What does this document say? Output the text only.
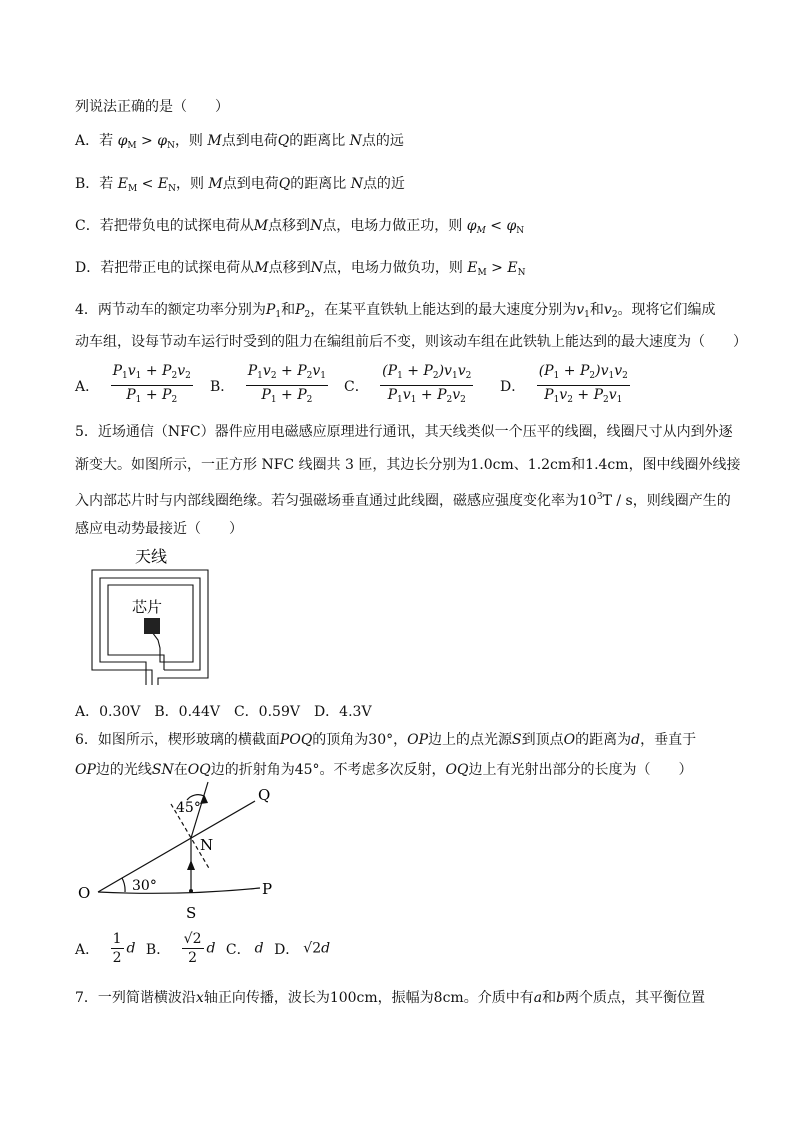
列说法正确的是（　　）
A．若 $\varphi_M > \varphi_N$，则 M点到电荷Q的距离比 N点的远
B．若 $E_M < E_N$，则 M点到电荷Q的距离比 N点的近
C．若把带负电的试探电荷从M点移到N点，电场力做正功，则 $\varphi_M < \varphi_N$
D．若把带正电的试探电荷从M点移到N点，电场力做负功，则 $E_M > E_N$
4．两节动车的额定功率分别为$P_1$和$P_2$，在某平直铁轨上能达到的最大速度分别为$v_1$和$v_2$。现将它们编成
动车组，设每节动车运行时受到的阻力在编组前后不变，则该动车组在此铁轨上能达到的最大速度为（　　）
A． $\frac{P_1v_1 + P_2v_2}{P_1 + P_2}$ B． $\frac{P_1v_2 + P_2v_1}{P_1 + P_2}$ C． $\frac{(P_1 + P_2)v_1v_2}{P_1v_1 + P_2v_2}$ D． $\frac{(P_1 + P_2)v_1v_2}{P_1v_2 + P_2v_1}$
5．近场通信（NFC）器件应用电磁感应原理进行通讯，其天线类似一个压平的线圈，线圈尺寸从内到外逐
渐变大。如图所示，一正方形 NFC 线圈共 3 匝，其边长分别为1.0cm、1.2cm和1.4cm，图中线圈外线接
入内部芯片时与内部线圈绝缘。若匀强磁场垂直通过此线圈，磁感应强度变化率为$10^3T$ / s，则线圈产生的
感应电动势最接近（　　）
天线
芯片
A．0.30V　B．0.44V　C．0.59V　D．4.3V
6．如图所示，楔形玻璃的横截面POQ的顶角为30°，OP边上的点光源S到顶点O的距离为d，垂直于
OP边的光线SN在OQ边的折射角为45°。不考虑多次反射，OQ边上有光射出部分的长度为（　　）
Q
N
O	P
S
45°
30°
A． $\frac{1}{2}$ d B． $\frac{√2}{2}$ d C． d D． √2d
7．一列简谐横波沿x轴正向传播，波长为100cm，振幅为8cm。介质中有a和b两个质点，其平衡位置
